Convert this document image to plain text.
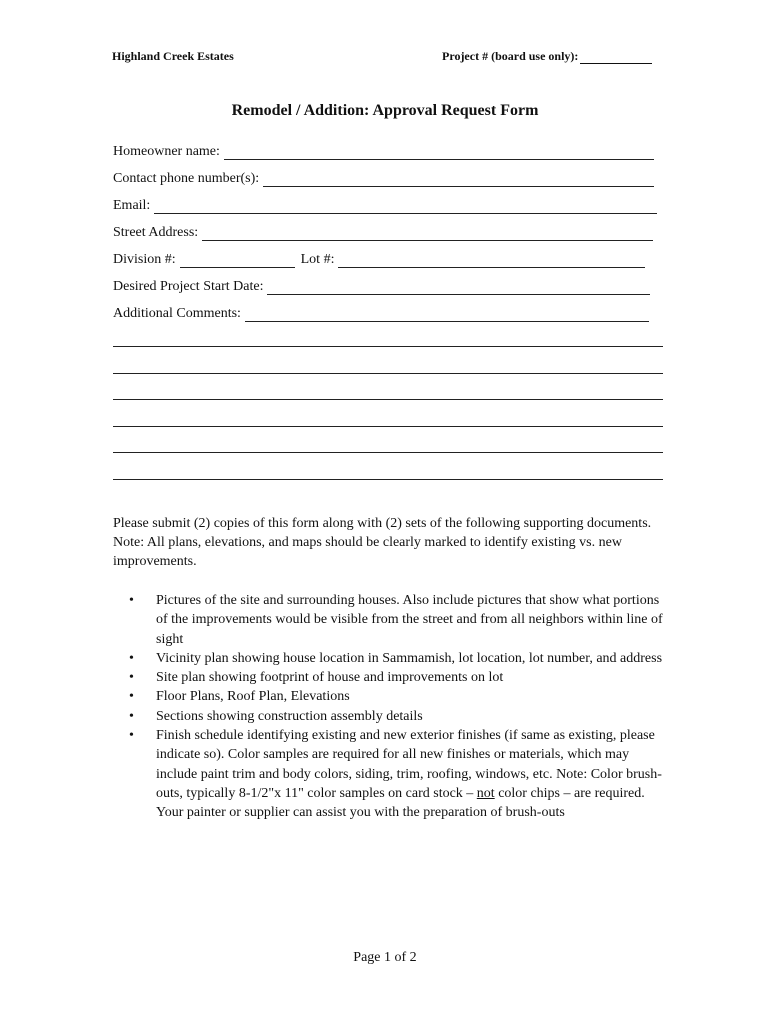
Highland Creek Estates	Project # (board use only):
Remodel / Addition: Approval Request Form
Homeowner name:
Contact phone number(s):
Email:
Street Address:
Division #:	Lot #:
Desired Project Start Date:
Additional Comments:
Please submit (2) copies of this form along with (2) sets of the following supporting documents. Note: All plans, elevations, and maps should be clearly marked to identify existing vs. new improvements.
• Pictures of the site and surrounding houses. Also include pictures that show what portions of the improvements would be visible from the street and from all neighbors within line of sight
• Vicinity plan showing house location in Sammamish, lot location, lot number, and address
• Site plan showing footprint of house and improvements on lot
• Floor Plans, Roof Plan, Elevations
• Sections showing construction assembly details
• Finish schedule identifying existing and new exterior finishes (if same as existing, please indicate so). Color samples are required for all new finishes or materials, which may include paint trim and body colors, siding, trim, roofing, windows, etc. Note: Color brush-outs, typically 8-1/2"x 11" color samples on card stock – not color chips – are required. Your painter or supplier can assist you with the preparation of brush-outs
Page 1 of 2
